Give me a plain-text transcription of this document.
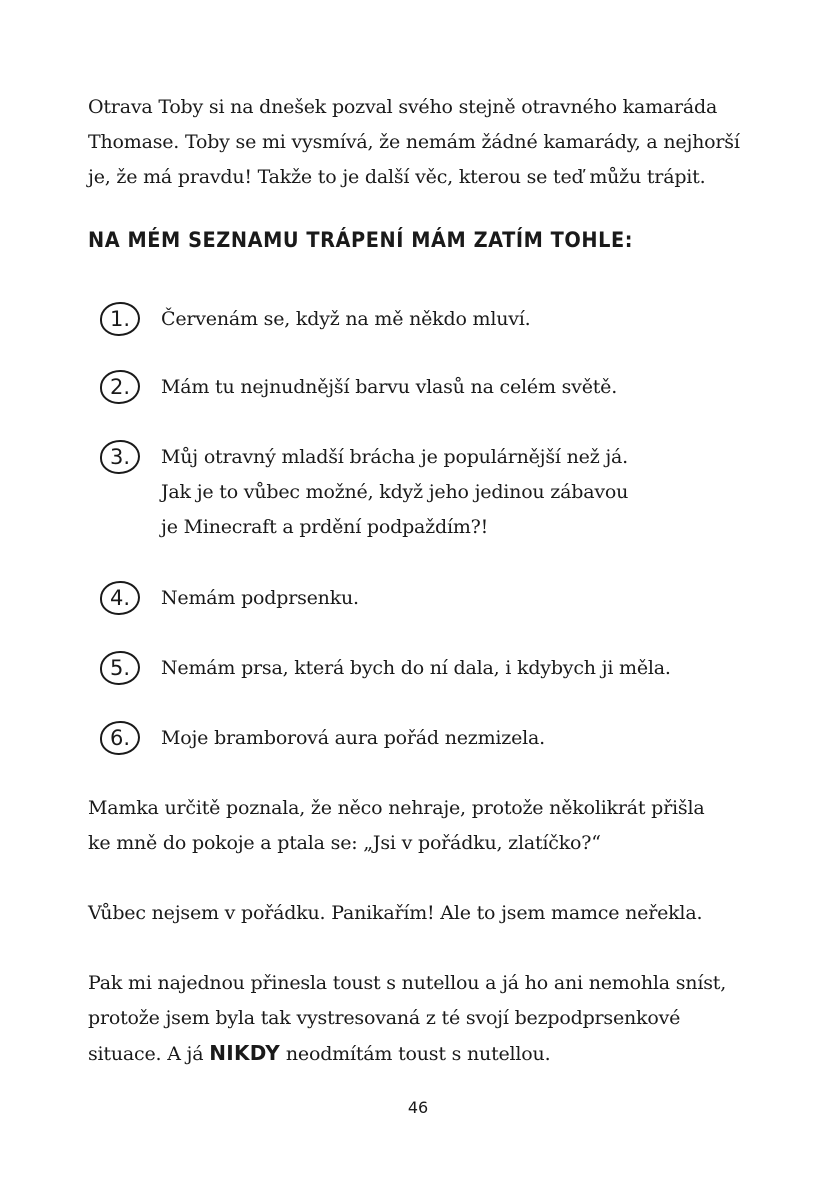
Otrava Toby si na dnešek pozval svého stejně otravného kamaráda
Thomase. Toby se mi vysmívá, že nemám žádné kamarády, a nejhorší
je, že má pravdu! Takže to je další věc, kterou se teď můžu trápit.

NA MÉM SEZNAMU TRÁPENÍ MÁM ZATÍM TOHLE:
1.	Červenám se, když na mě někdo mluví.
2.	Mám tu nejnudnější barvu vlasů na celém světě.
3.	Můj otravný mladší brácha je populárnější než já.
Jak je to vůbec možné, když jeho jedinou zábavou
je Minecraft a prdění podpaždím?!
4.	Nemám podprsenku.
5.	Nemám prsa, která bych do ní dala, i kdybych ji měla.
6.	Moje bramborová aura pořád nezmizela.

Mamka určitě poznala, že něco nehraje, protože několikrát přišla
ke mně do pokoje a ptala se: „Jsi v pořádku, zlatíčko?“

Vůbec nejsem v pořádku. Panikařím! Ale to jsem mamce neřekla.

Pak mi najednou přinesla toust s nutellou a já ho ani nemohla sníst,
protože jsem byla tak vystresovaná z té svojí bezpodprsenkové
situace. A já NIKDY neodmítám toust s nutellou.

46
